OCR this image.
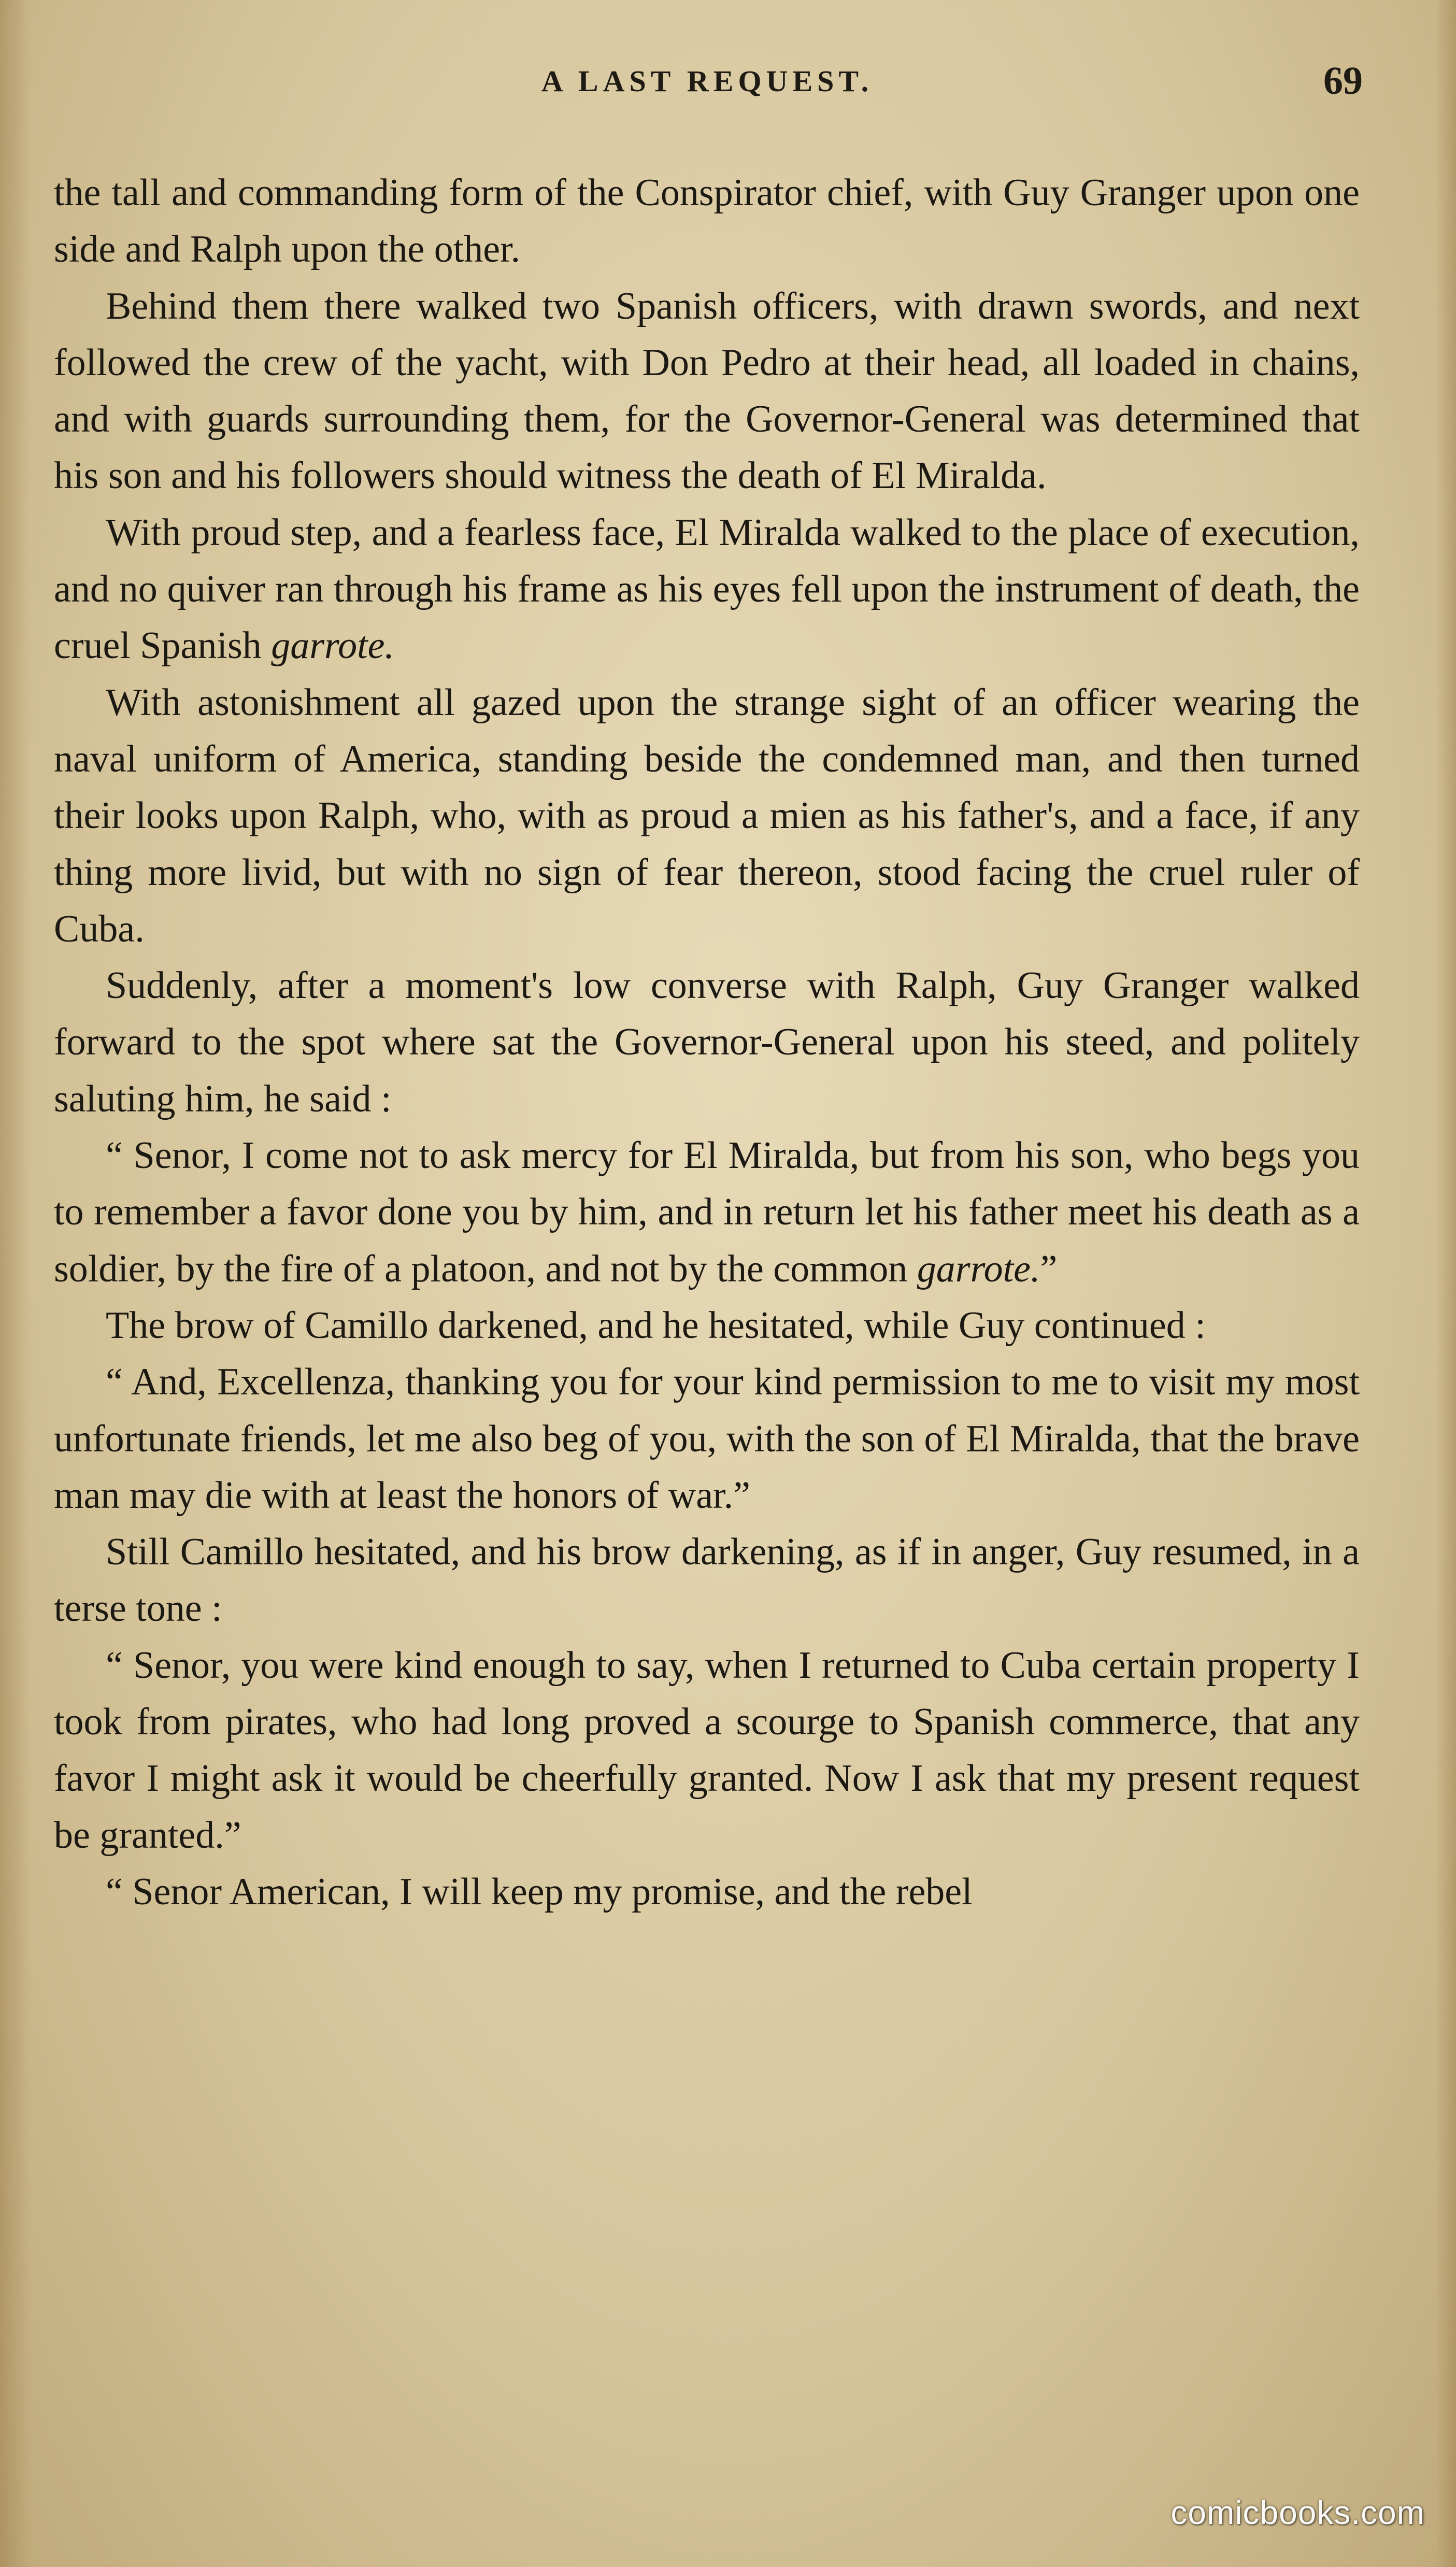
A LAST REQUEST.	69

the tall and commanding form of the Conspirator chief, with Guy Granger upon one side and Ralph upon the other.

Behind them there walked two Spanish officers, with drawn swords, and next followed the crew of the yacht, with Don Pedro at their head, all loaded in chains, and with guards surrounding them, for the Governor-General was determined that his son and his followers should witness the death of El Miralda.

With proud step, and a fearless face, El Miralda walked to the place of execution, and no quiver ran through his frame as his eyes fell upon the instrument of death, the cruel Spanish garrote.

With astonishment all gazed upon the strange sight of an officer wearing the naval uniform of America, standing beside the condemned man, and then turned their looks upon Ralph, who, with as proud a mien as his father's, and a face, if any thing more livid, but with no sign of fear thereon, stood facing the cruel ruler of Cuba.

Suddenly, after a moment's low converse with Ralph, Guy Granger walked forward to the spot where sat the Governor-General upon his steed, and politely saluting him, he said :

“ Senor, I come not to ask mercy for El Miralda, but from his son, who begs you to remember a favor done you by him, and in return let his father meet his death as a soldier, by the fire of a platoon, and not by the common garrote.”

The brow of Camillo darkened, and he hesitated, while Guy continued :

“ And, Excellenza, thanking you for your kind permission to me to visit my most unfortunate friends, let me also beg of you, with the son of El Miralda, that the brave man may die with at least the honors of war.”

Still Camillo hesitated, and his brow darkening, as if in anger, Guy resumed, in a terse tone :

“ Senor, you were kind enough to say, when I returned to Cuba certain property I took from pirates, who had long proved a scourge to Spanish commerce, that any favor I might ask it would be cheerfully granted. Now I ask that my present request be granted.”

“ Senor American, I will keep my promise, and the rebel

comicbooks.com
